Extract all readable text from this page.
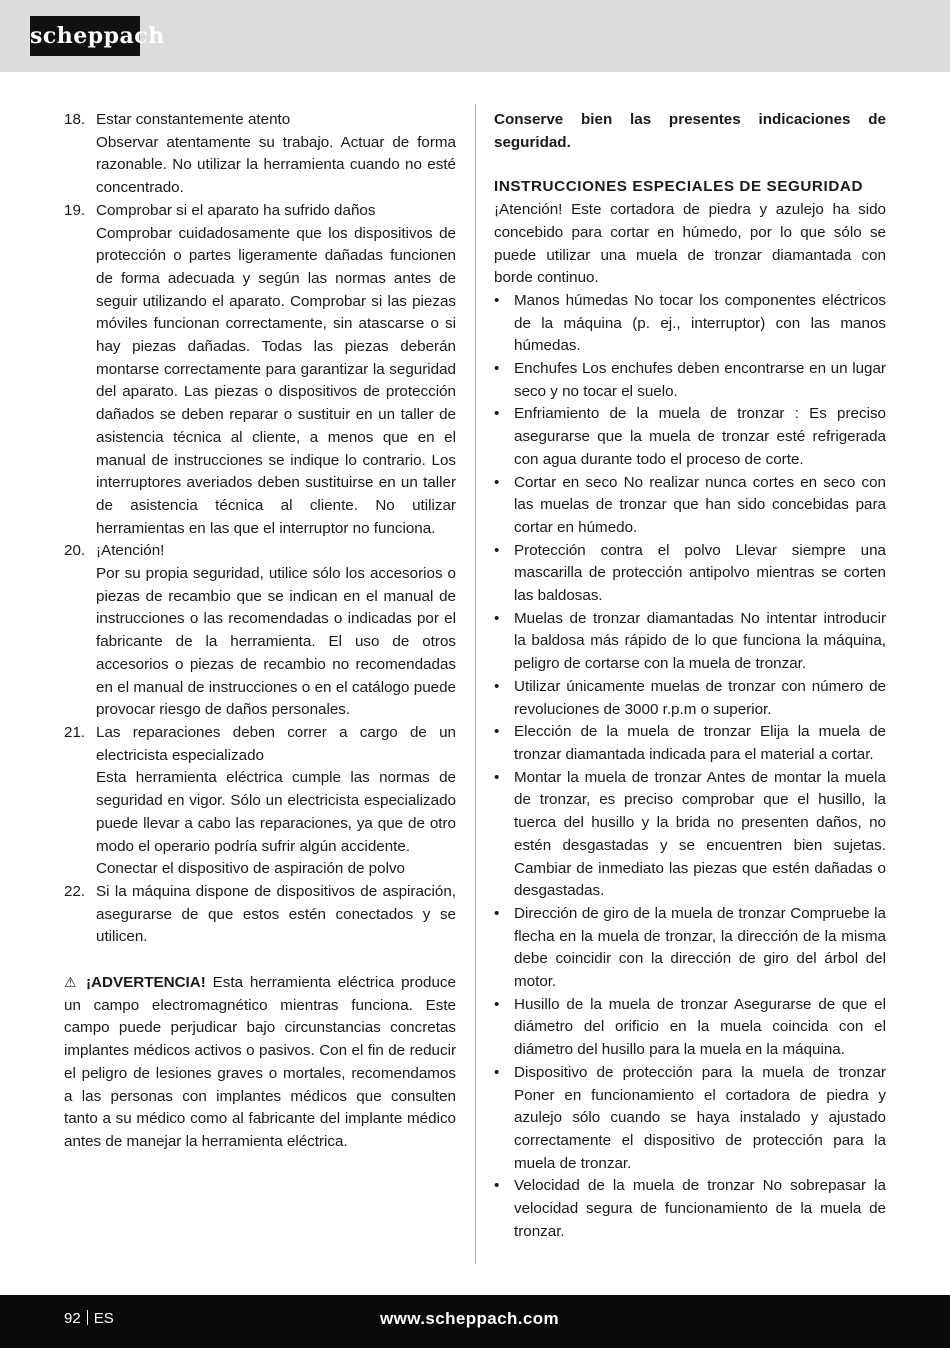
scheppach
18. Estar constantemente atento

Observar atentamente su trabajo. Actuar de forma razonable. No utilizar la herramienta cuando no esté concentrado.

19. Comprobar si el aparato ha sufrido daños

Comprobar cuidadosamente que los dispositivos de protección o partes ligeramente dañadas funcionen de forma adecuada y según las normas antes de seguir utilizando el aparato. Comprobar si las piezas móviles funcionan correctamente, sin atascarse o si hay piezas dañadas. Todas las piezas deberán montarse correctamente para garantizar la seguridad del aparato. Las piezas o dispositivos de protección dañados se deben reparar o sustituir en un taller de asistencia técnica al cliente, a menos que en el manual de instrucciones se indique lo contrario. Los interruptores averiados deben sustituirse en un taller de asistencia técnica al cliente. No utilizar herramientas en las que el interruptor no funciona.

20. ¡Atención!

Por su propia seguridad, utilice sólo los accesorios o piezas de recambio que se indican en el manual de instrucciones o las recomendadas o indicadas por el fabricante de la herramienta. El uso de otros accesorios o piezas de recambio no recomendadas en el manual de instrucciones o en el catálogo puede provocar riesgo de daños personales.

21. Las reparaciones deben correr a cargo de un electricista especializado

Esta herramienta eléctrica cumple las normas de seguridad en vigor. Sólo un electricista especializado puede llevar a cabo las reparaciones, ya que de otro modo el operario podría sufrir algún accidente.

Conectar el dispositivo de aspiración de polvo

22. Si la máquina dispone de dispositivos de aspiración, asegurarse de que estos estén conectados y se utilicen.

⚠ ¡ADVERTENCIA! Esta herramienta eléctrica produce un campo electromagnético mientras funciona. Este campo puede perjudicar bajo circunstancias concretas implantes médicos activos o pasivos. Con el fin de reducir el peligro de lesiones graves o mortales, recomendamos a las personas con implantes médicos que consulten tanto a su médico como al fabricante del implante médico antes de manejar la herramienta eléctrica.
Conserve bien las presentes indicaciones de seguridad.
INSTRUCCIONES ESPECIALES DE SEGURIDAD
¡Atención! Este cortadora de piedra y azulejo ha sido concebido para cortar en húmedo, por lo que sólo se puede utilizar una muela de tronzar diamantada con borde continuo.
• Manos húmedas No tocar los componentes eléctricos de la máquina (p. ej., interruptor) con las manos húmedas.
• Enchufes Los enchufes deben encontrarse en un lugar seco y no tocar el suelo.
• Enfriamiento de la muela de tronzar : Es preciso asegurarse que la muela de tronzar esté refrigerada con agua durante todo el proceso de corte.
• Cortar en seco No realizar nunca cortes en seco con las muelas de tronzar que han sido concebidas para cortar en húmedo.
• Protección contra el polvo Llevar siempre una mascarilla de protección antipolvo mientras se corten las baldosas.
• Muelas de tronzar diamantadas No intentar introducir la baldosa más rápido de lo que funciona la máquina, peligro de cortarse con la muela de tronzar.
• Utilizar únicamente muelas de tronzar con número de revoluciones de 3000 r.p.m o superior.
• Elección de la muela de tronzar Elija la muela de tronzar diamantada indicada para el material a cortar.
• Montar la muela de tronzar Antes de montar la muela de tronzar, es preciso comprobar que el husillo, la tuerca del husillo y la brida no presenten daños, no estén desgastadas y se encuentren bien sujetas. Cambiar de inmediato las piezas que estén dañadas o desgastadas.
• Dirección de giro de la muela de tronzar Compruebe la flecha en la muela de tronzar, la dirección de la misma debe coincidir con la dirección de giro del árbol del motor.
• Husillo de la muela de tronzar Asegurarse de que el diámetro del orificio en la muela coincida con el diámetro del husillo para la muela en la máquina.
• Dispositivo de protección para la muela de tronzar Poner en funcionamiento el cortadora de piedra y azulejo sólo cuando se haya instalado y ajustado correctamente el dispositivo de protección para la muela de tronzar.
• Velocidad de la muela de tronzar No sobrepasar la velocidad segura de funcionamiento de la muela de tronzar.
92 ES	www.scheppach.com
